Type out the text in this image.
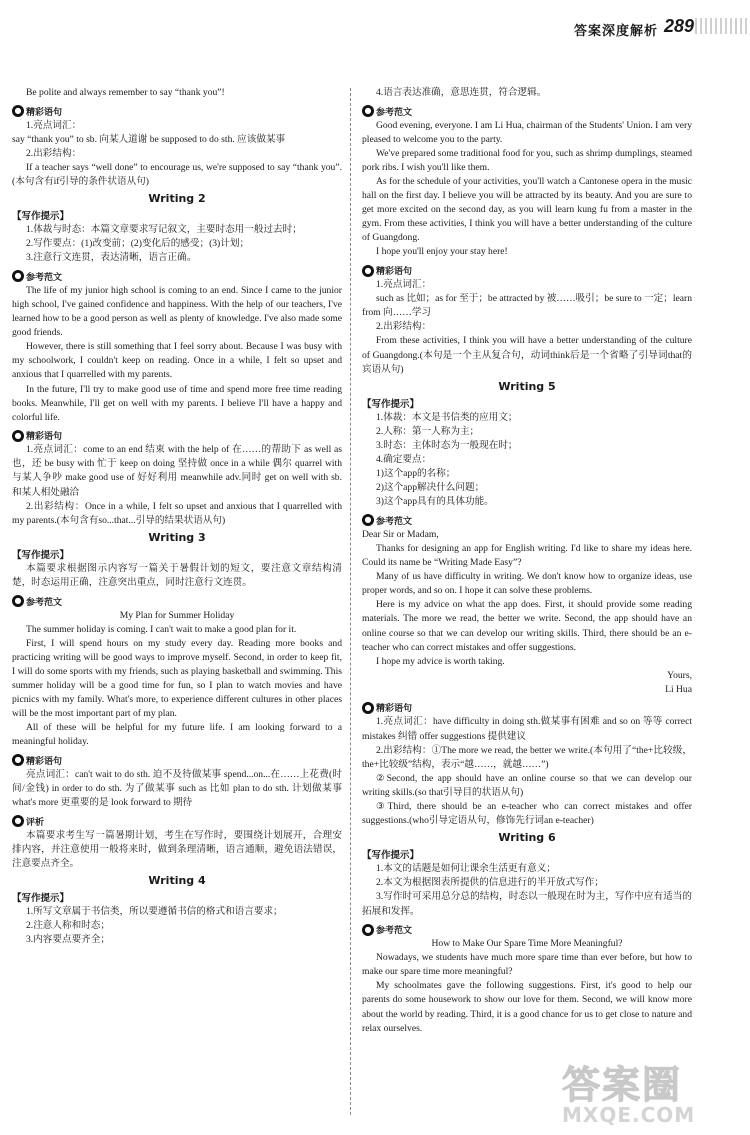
答案深度解析 289

Be polite and always remember to say “thank you”!

● 精彩语句

1.亮点词汇：

say “thank you” to sb. 向某人道谢 be supposed to do sth. 应该做某事

2.出彩结构：

If a teacher says “well done” to encourage us, we're supposed to say “thank you”.(本句含有if引导的条件状语从句)

Writing 2
【写作提示】

1.体裁与时态：本篇文章要求写记叙文，主要时态用一般过去时；

2.写作要点：(1)改变前；(2)变化后的感受；(3)计划；

3.注意行文连贯，表达清晰，语言正确。

● 参考范文

The life of my junior high school is coming to an end. Since I came to the junior high school, I've gained confidence and happiness. With the help of our teachers, I've learned how to be a good person as well as plenty of knowledge. I've also made some good friends.

However, there is still something that I feel sorry about. Because I was busy with my schoolwork, I couldn't keep on reading. Once in a while, I felt so upset and anxious that I quarrelled with my parents.

In the future, I'll try to make good use of time and spend more free time reading books. Meanwhile, I'll get on well with my parents. I believe I'll have a happy and colorful life.

● 精彩语句

1.亮点词汇：come to an end 结束 with the help of 在……的帮助下 as well as 也，还 be busy with 忙于 keep on doing 坚持做 once in a while 偶尔 quarrel with 与某人争吵 make good use of 好好利用 meanwhile adv.同时 get on well with sb. 和某人相处融洽

2.出彩结构：Once in a while, I felt so upset and anxious that I quarrelled with my parents.(本句含有so...that...引导的结果状语从句)

Writing 3
【写作提示】

本篇要求根据图示内容写一篇关于暑假计划的短文，要注意文章结构清楚，时态运用正确，注意突出重点，同时注意行文连贯。

● 参考范文

My Plan for Summer Holiday

The summer holiday is coming. I can't wait to make a good plan for it.

First, I will spend hours on my study every day. Reading more books and practicing writing will be good ways to improve myself. Second, in order to keep fit, I will do some sports with my friends, such as playing basketball and swimming. This summer holiday will be a good time for fun, so I plan to watch movies and have picnics with my family. What's more, to experience different cultures in other places will be the most important part of my plan.

All of these will be helpful for my future life. I am looking forward to a meaningful holiday.

● 精彩语句

亮点词汇：can't wait to do sth. 迫不及待做某事 spend...on...在……上花费(时间/金钱) in order to do sth. 为了做某事 such as 比如 plan to do sth. 计划做某事 what's more 更重要的是 look forward to 期待

● 评析

本篇要求考生写一篇暑期计划，考生在写作时，要围绕计划展开，合理安排内容，并注意使用一般将来时，做到条理清晰，语言通顺，避免语法错误，注意要点齐全。

Writing 4
【写作提示】

1.所写文章属于书信类，所以要遵循书信的格式和语言要求；

2.注意人称和时态；

3.内容要点要齐全；

4.语言表达准确，意思连贯，符合逻辑。

● 参考范文

Good evening, everyone. I am Li Hua, chairman of the Students' Union. I am very pleased to welcome you to the party.

We've prepared some traditional food for you, such as shrimp dumplings, steamed pork ribs. I wish you'll like them.

As for the schedule of your activities, you'll watch a Cantonese opera in the music hall on the first day. I believe you will be attracted by its beauty. And you are sure to get more excited on the second day, as you will learn kung fu from a master in the gym. From these activities, I think you will have a better understanding of the culture of Guangdong.

I hope you'll enjoy your stay here!

● 精彩语句

1.亮点词汇：

such as 比如；as for 至于；be attracted by 被……吸引；be sure to 一定；learn from 向……学习

2.出彩结构：

From these activities, I think you will have a better understanding of the culture of Guangdong.(本句是一个主从复合句，动词think后是一个省略了引导词that的宾语从句)

Writing 5
【写作提示】

1.体裁：本文是书信类的应用文；

2.人称：第一人称为主；

3.时态：主体时态为一般现在时；

4.确定要点：

1)这个app的名称；

2)这个app解决什么问题；

3)这个app具有的具体功能。

● 参考范文

Dear Sir or Madam,

Thanks for designing an app for English writing. I'd like to share my ideas here. Could its name be “Writing Made Easy”?

Many of us have difficulty in writing. We don't know how to organize ideas, use proper words, and so on. I hope it can solve these problems.

Here is my advice on what the app does. First, it should provide some reading materials. The more we read, the better we write. Second, the app should have an online course so that we can develop our writing skills. Third, there should be an e-teacher who can correct mistakes and offer suggestions.

I hope my advice is worth taking.

Yours,

Li Hua

● 精彩语句

1.亮点词汇：have difficulty in doing sth.做某事有困难 and so on 等等 correct mistakes 纠错 offer suggestions 提供建议

2.出彩结构：①The more we read, the better we write.(本句用了“the+比较级，the+比较级”结构，表示“越……，就越……”)

②Second, the app should have an online course so that we can develop our writing skills.(so that引导目的状语从句)

③Third, there should be an e-teacher who can correct mistakes and offer suggestions.(who引导定语从句，修饰先行词an e-teacher)

Writing 6
【写作提示】

1.本文的话题是如何让课余生活更有意义；

2.本文为根据图表所提供的信息进行的半开放式写作；

3.写作时可采用总分总的结构，时态以一般现在时为主，写作中应有适当的拓展和发挥。

● 参考范文

How to Make Our Spare Time More Meaningful?

Nowadays, we students have much more spare time than ever before, but how to make our spare time more meaningful?

My schoolmates gave the following suggestions. First, it's good to help our parents do some housework to show our love for them. Second, we will know more about the world by reading. Third, it is a good chance for us to get close to nature and relax ourselves.

答案圈
MXQE.COM
